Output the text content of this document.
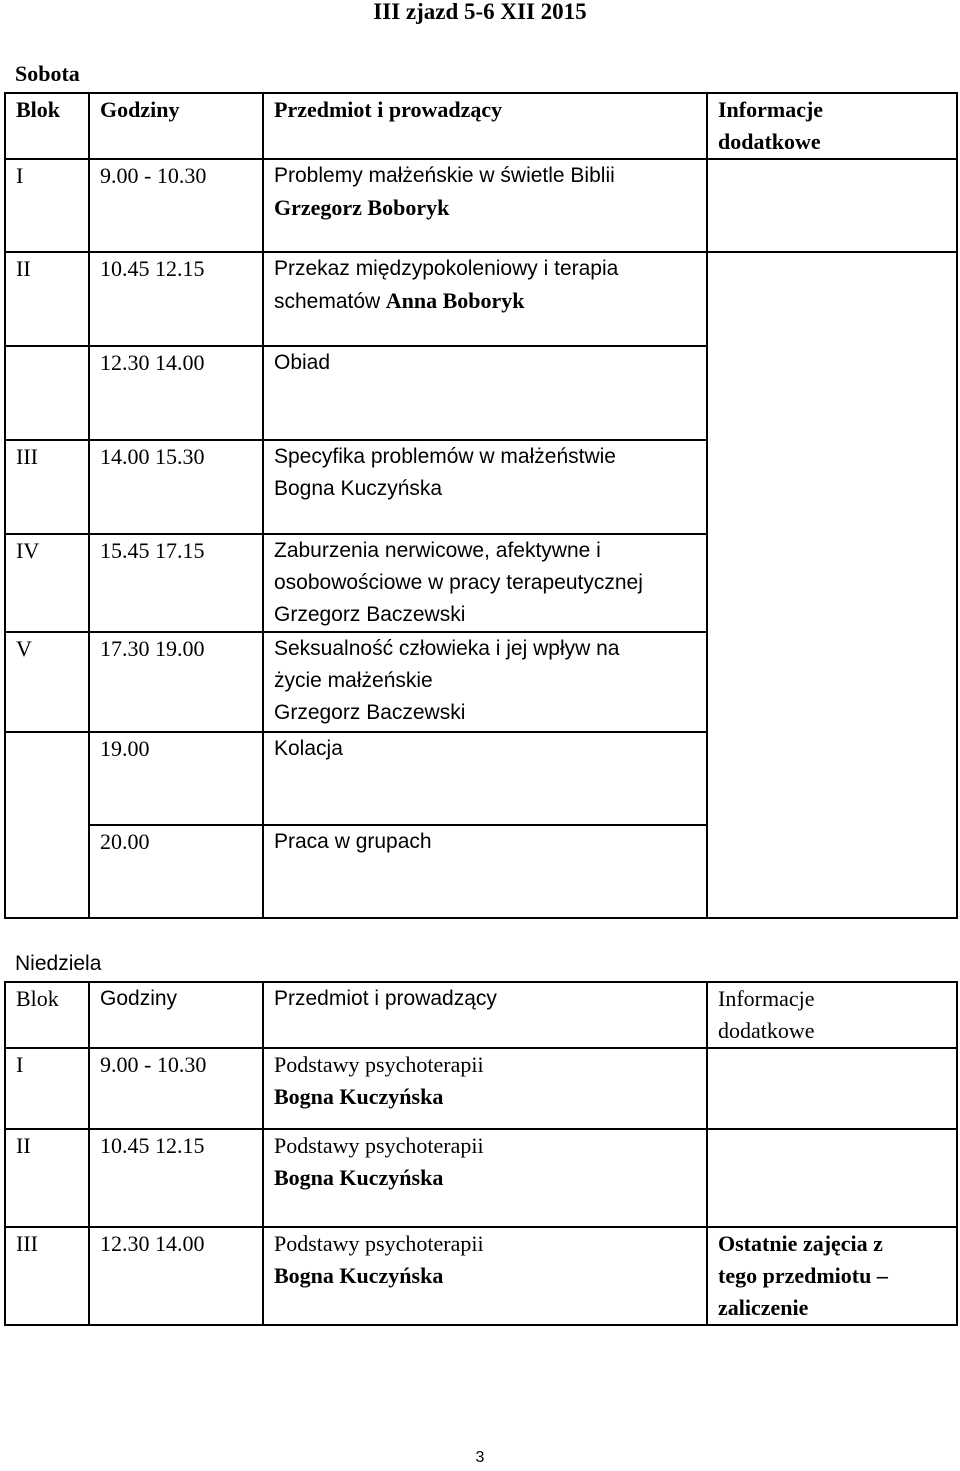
III zjazd 5-6 XII 2015
Sobota
Blok	Godziny	Przedmiot i prowadzący	Informacje
dodatkowe

I	9.00 - 10.30	Problemy małżeńskie w świetle Biblii
Grzegorz Boboryk	

II	10.45 12.15	Przekaz międzypokoleniowy i terapia
schematów Anna Boboryk	

	12.30 14.00	Obiad	

III	14.00 15.30	Specyfika problemów w małżeństwie
Bogna Kuczyńska	

IV	15.45 17.15	Zaburzenia nerwicowe, afektywne i
osobowościowe w pracy terapeutycznej
Grzegorz Baczewski	

V	17.30 19.00	Seksualność człowieka i jej wpływ na
życie małżeńskie
Grzegorz Baczewski	

	19.00	Kolacja	

	20.00	Praca w grupach	

Niedziela
Blok	Godziny	Przedmiot i prowadzący	Informacje
dodatkowe

I	9.00 - 10.30	Podstawy psychoterapii
Bogna Kuczyńska	

II	10.45 12.15	Podstawy psychoterapii
Bogna Kuczyńska	

III	12.30 14.00	Podstawy psychoterapii
Bogna Kuczyńska	Ostatnie zajęcia z
tego przedmiotu –
zaliczenie
3
